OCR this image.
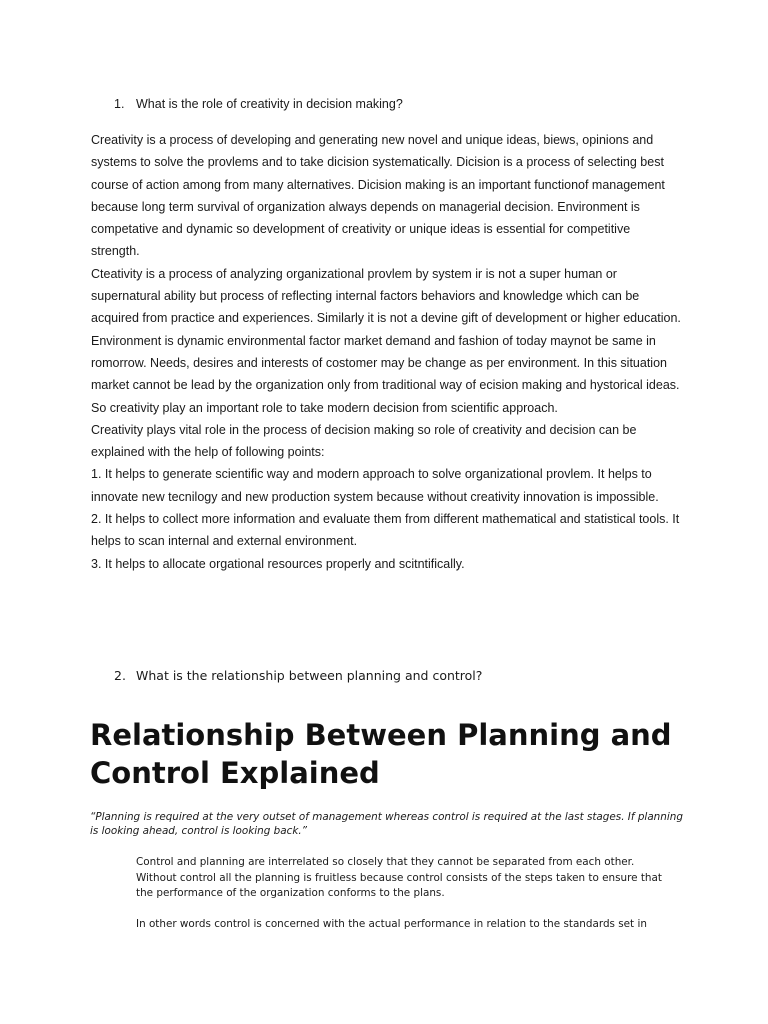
1. What is the role of creativity in decision making?

Creativity is a process of developing and generating new novel and unique ideas, biews, opinions and systems to solve the provlems and to take dicision systematically. Dicision is a process of selecting best course of action among from many alternatives. Dicision making is an important functionof management because long term survival of organization always depends on managerial decision. Environment is competative and dynamic so development of creativity or unique ideas is essential for competitive strength.

Cteativity is a process of analyzing organizational provlem by system ir is not a super human or supernatural ability but process of reflecting internal factors behaviors and knowledge which can be acquired from practice and experiences. Similarly it is not a devine gift of development or higher education. Environment is dynamic environmental factor market demand and fashion of today maynot be same in romorrow. Needs, desires and interests of costomer may be change as per environment. In this situation market cannot be lead by the organization only from traditional way of ecision making and hystorical ideas. So creativity play an important role to take modern decision from scientific approach.

Creativity plays vital role in the process of decision making so role of creativity and decision can be explained with the help of following points:

1. It helps to generate scientific way and modern approach to solve organizational provlem. It helps to innovate new tecnilogy and new production system because without creativity innovation is impossible.

2. It helps to collect more information and evaluate them from different mathematical and statistical tools. It helps to scan internal and external environment.

3. It helps to allocate orgational resources properly and scitntifically.

2. What is the relationship between planning and control?
Relationship Between Planning and Control Explained

“Planning is required at the very outset of management whereas control is required at the last stages. If planning is looking ahead, control is looking back.”

Control and planning are interrelated so closely that they cannot be separated from each other. Without control all the planning is fruitless because control consists of the steps taken to ensure that the performance of the organization conforms to the plans.

In other words control is concerned with the actual performance in relation to the standards set in
